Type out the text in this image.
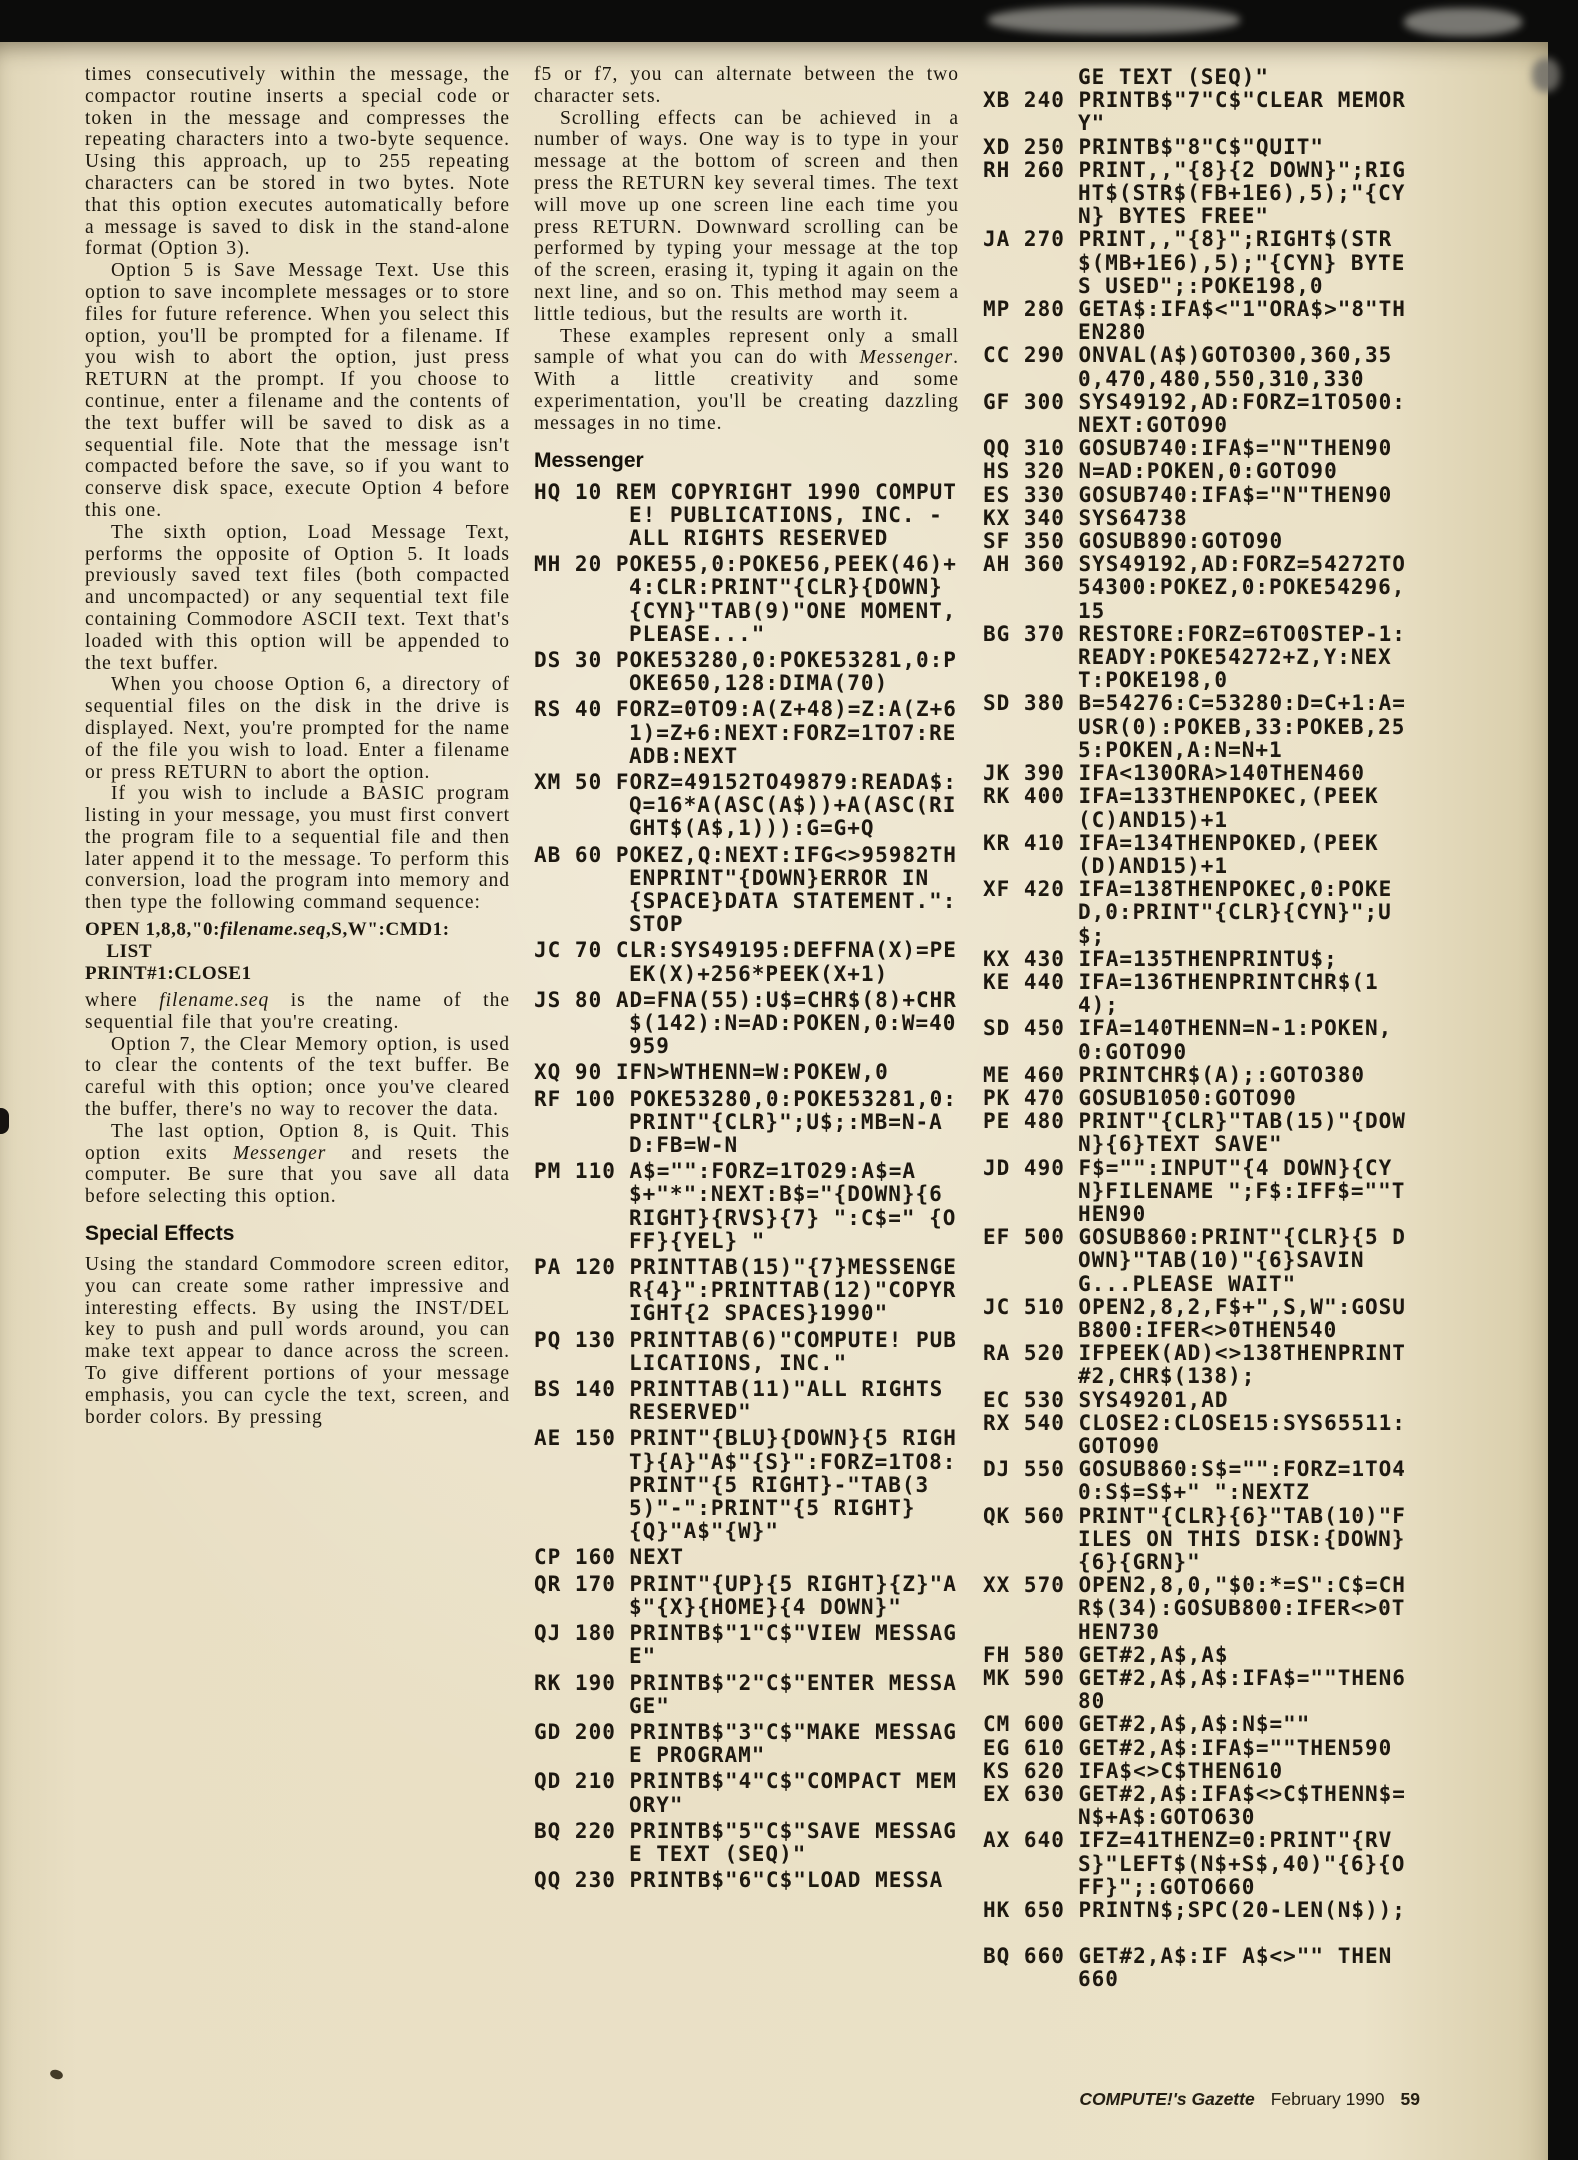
times consecutively within the message, the compactor routine inserts a special code or token in the message and compresses the repeating characters into a two-byte sequence. Using this approach, up to 255 repeating characters can be stored in two bytes. Note that this option executes automatically before a message is saved to disk in the stand-alone format (Option 3).

Option 5 is Save Message Text. Use this option to save incomplete messages or to store files for future reference. When you select this option, you'll be prompted for a filename. If you wish to abort the option, just press RETURN at the prompt. If you choose to continue, enter a filename and the contents of the text buffer will be saved to disk as a sequential file. Note that the message isn't compacted before the save, so if you want to conserve disk space, execute Option 4 before this one.

The sixth option, Load Message Text, performs the opposite of Option 5. It loads previously saved text files (both compacted and uncompacted) or any sequential text file containing Commodore ASCII text. Text that's loaded with this option will be appended to the text buffer.

When you choose Option 6, a directory of sequential files on the disk in the drive is displayed. Next, you're prompted for the name of the file you wish to load. Enter a filename or press RETURN to abort the option.

If you wish to include a BASIC program listing in your message, you must first convert the program file to a sequential file and then later append it to the message. To perform this conversion, load the program into memory and then type the following command sequence:

OPEN 1,8,8,"0:filename.seq,S,W":CMD1:
LIST
PRINT#1:CLOSE1

where filename.seq is the name of the sequential file that you're creating.

Option 7, the Clear Memory option, is used to clear the contents of the text buffer. Be careful with this option; once you've cleared the buffer, there's no way to recover the data.

The last option, Option 8, is Quit. This option exits Messenger and resets the computer. Be sure that you save all data before selecting this option.

Special Effects

Using the standard Commodore screen editor, you can create some rather impressive and interesting effects. By using the INST/DEL key to push and pull words around, you can make text appear to dance across the screen. To give different portions of your message emphasis, you can cycle the text, screen, and border colors. By pressing

f5 or f7, you can alternate between the two character sets.

Scrolling effects can be achieved in a number of ways. One way is to type in your message at the bottom of screen and then press the RETURN key several times. The text will move up one screen line each time you press RETURN. Downward scrolling can be performed by typing your message at the top of the screen, erasing it, typing it again on the next line, and so on. This method may seem a little tedious, but the results are worth it.

These examples represent only a small sample of what you can do with Messenger. With a little creativity and some experimentation, you'll be creating dazzling messages in no time.

Messenger
HQ 10 REM COPYRIGHT 1990 COMPUTE! PUBLICATIONS, INC. - ALL RIGHTS RESERVED
MH 20 POKE55,0:POKE56,PEEK(46)+4:CLR:PRINT"{CLR}{DOWN}{CYN}"TAB(9)"ONE MOMENT, PLEASE..."
DS 30 POKE53280,0:POKE53281,0:POKE650,128:DIMA(70)
RS 40 FORZ=0TO9:A(Z+48)=Z:A(Z+61)=Z+6:NEXT:FORZ=1TO7:READB:NEXT
XM 50 FORZ=49152TO49879:READA$:Q=16*A(ASC(A$))+A(ASC(RIGHT$(A$,1))):G=G+Q
AB 60 POKEZ,Q:NEXT:IFG<>95982THENPRINT"{DOWN}ERROR IN {SPACE}DATA STATEMENT.":STOP
JC 70 CLR:SYS49195:DEFFNA(X)=PEEK(X)+256*PEEK(X+1)
JS 80 AD=FNA(55):U$=CHR$(8)+CHR$(142):N=AD:POKEN,0:W=40959
XQ 90 IFN>WTHENN=W:POKEW,0
RF 100 POKE53280,0:POKE53281,0:PRINT"{CLR}";U$;:MB=N-AD:FB=W-N
PM 110 A$="":FORZ=1TO29:A$=A$+"*":NEXT:B$="{DOWN}{6 RIGHT}{RVS}{7} ":C$=" {OFF}{YEL} "
PA 120 PRINTTAB(15)"{7}MESSENGER{4}":PRINTTAB(12)"COPYRIGHT{2 SPACES}1990"
PQ 130 PRINTTAB(6)"COMPUTE! PUBLICATIONS, INC."
BS 140 PRINTTAB(11)"ALL RIGHTS RESERVED"
AE 150 PRINT"{BLU}{DOWN}{5 RIGHT}{A}"A$"{S}":FORZ=1TO8:PRINT"{5 RIGHT}-"TAB(35)"-":PRINT"{5 RIGHT}{Q}"A$"{W}"
CP 160 NEXT
QR 170 PRINT"{UP}{5 RIGHT}{Z}"A$"{X}{HOME}{4 DOWN}"
QJ 180 PRINTB$"1"C$"VIEW MESSAGE"
RK 190 PRINTB$"2"C$"ENTER MESSAGE"
GD 200 PRINTB$"3"C$"MAKE MESSAGE PROGRAM"
QD 210 PRINTB$"4"C$"COMPACT MEMORY"
BQ 220 PRINTB$"5"C$"SAVE MESSAGE TEXT (SEQ)"
QQ 230 PRINTB$"6"C$"LOAD MESSA
GE TEXT (SEQ)"
XB 240 PRINTB$"7"C$"CLEAR MEMORY"
XD 250 PRINTB$"8"C$"QUIT"
RH 260 PRINT,,"{8}{2 DOWN}";RIGHT$(STR$(FB+1E6),5);"{CYN} BYTES FREE"
JA 270 PRINT,,"{8}";RIGHT$(STR$(MB+1E6),5);"{CYN} BYTES USED";:POKE198,0
MP 280 GETA$:IFA$<"1"ORA$>"8"THEN280
CC 290 ONVAL(A$)GOTO300,360,350,470,480,550,310,330
GF 300 SYS49192,AD:FORZ=1TO500:NEXT:GOTO90
QQ 310 GOSUB740:IFA$="N"THEN90
HS 320 N=AD:POKEN,0:GOTO90
ES 330 GOSUB740:IFA$="N"THEN90
KX 340 SYS64738
SF 350 GOSUB890:GOTO90
AH 360 SYS49192,AD:FORZ=54272TO54300:POKEZ,0:POKE54296,15
BG 370 RESTORE:FORZ=6TO0STEP-1:READY:POKE54272+Z,Y:NEXT:POKE198,0
SD 380 B=54276:C=53280:D=C+1:A=USR(0):POKEB,33:POKEB,255:POKEN,A:N=N+1
JK 390 IFA<130ORA>140THEN460
RK 400 IFA=133THENPOKEC,(PEEK(C)AND15)+1
KR 410 IFA=134THENPOKED,(PEEK(D)AND15)+1
XF 420 IFA=138THENPOKEC,0:POKED,0:PRINT"{CLR}{CYN}";U$;
KX 430 IFA=135THENPRINTU$;
KE 440 IFA=136THENPRINTCHR$(14);
SD 450 IFA=140THENN=N-1:POKEN,0:GOTO90
ME 460 PRINTCHR$(A);:GOTO380
PK 470 GOSUB1050:GOTO90
PE 480 PRINT"{CLR}"TAB(15)"{DOWN}{6}TEXT SAVE"
JD 490 F$="":INPUT"{4 DOWN}{CYN}FILENAME ";F$:IFF$=""THEN90
EF 500 GOSUB860:PRINT"{CLR}{5 DOWN}"TAB(10)"{6}SAVING...PLEASE WAIT"
JC 510 OPEN2,8,2,F$+",S,W":GOSUB800:IFER<>0THEN540
RA 520 IFPEEK(AD)<>138THENPRINT#2,CHR$(138);
EC 530 SYS49201,AD
RX 540 CLOSE2:CLOSE15:SYS65511:GOTO90
DJ 550 GOSUB860:S$="":FORZ=1TO40:S$=S$+" ":NEXTZ
QK 560 PRINT"{CLR}{6}"TAB(10)"FILES ON THIS DISK:{DOWN}{6}{GRN}"
XX 570 OPEN2,8,0,"$0:*=S":C$=CHR$(34):GOSUB800:IFER<>0THEN730
FH 580 GET#2,A$,A$
MK 590 GET#2,A$,A$:IFA$=""THEN680
CM 600 GET#2,A$,A$:N$=""
EG 610 GET#2,A$:IFA$=""THEN590
KS 620 IFA$<>C$THEN610
EX 630 GET#2,A$:IFA$<>C$THENN$=N$+A$:GOTO630
AX 640 IFZ=41THENZ=0:PRINT"{RVS}"LEFT$(N$+S$,40)"{6}{OFF}";:GOTO660
HK 650 PRINTN$;SPC(20-LEN(N$));
BQ 660 GET#2,A$:IF A$<>"" THEN 660
COMPUTE!'s Gazette February 1990 59
